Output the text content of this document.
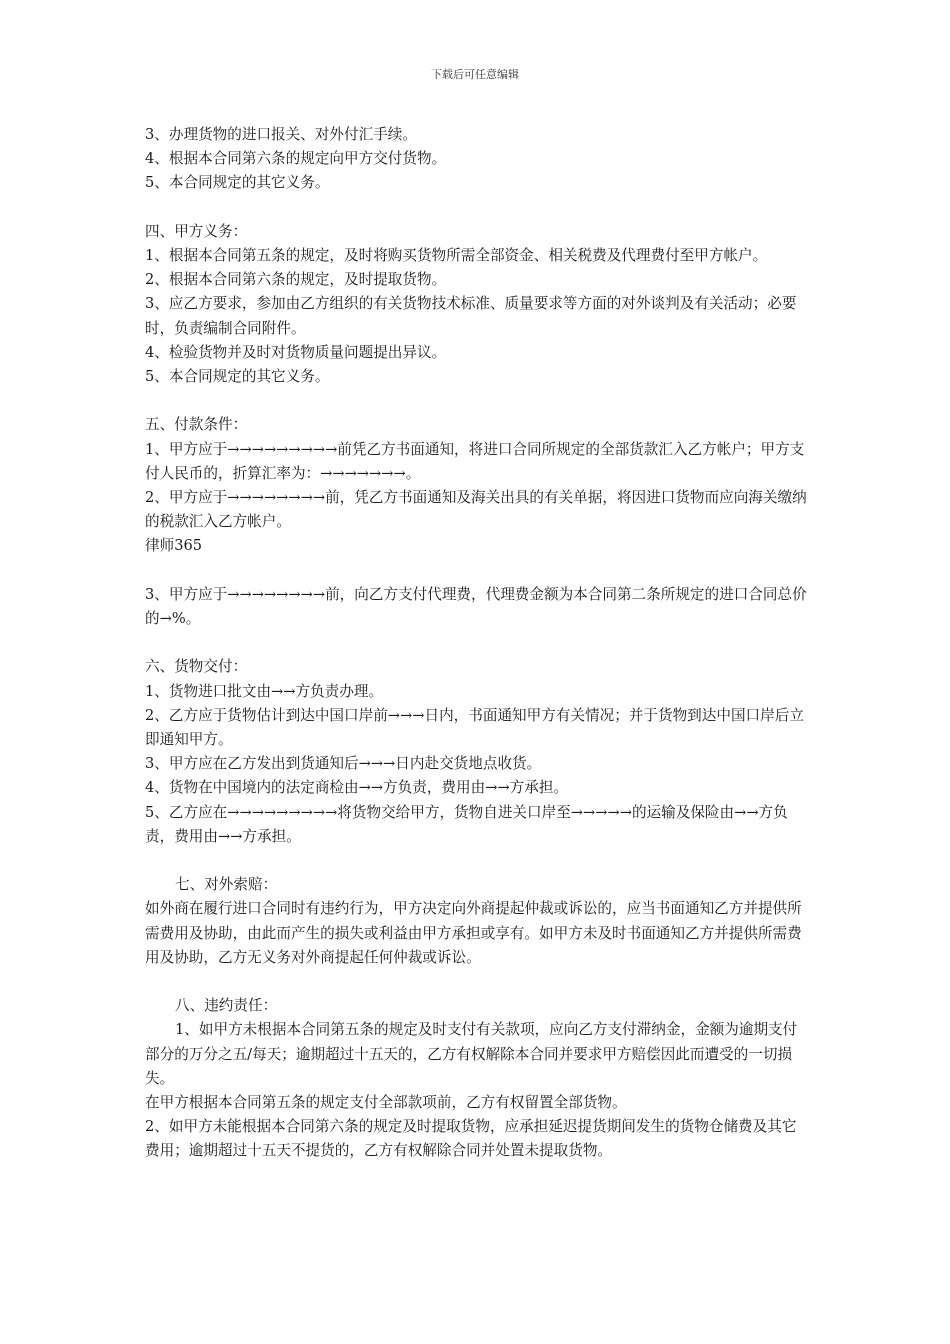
下载后可任意编辑

3、办理货物的进口报关、对外付汇手续。

4、根据本合同第六条的规定向甲方交付货物。

5、本合同规定的其它义务。

四、甲方义务：

1、根据本合同第五条的规定，及时将购买货物所需全部资金、相关税费及代理费付至甲方帐户。

2、根据本合同第六条的规定，及时提取货物。

3、应乙方要求，参加由乙方组织的有关货物技术标准、质量要求等方面的对外谈判及有关活动；必要时，负责编制合同附件。

4、检验货物并及时对货物质量问题提出异议。

5、本合同规定的其它义务。

五、付款条件：

1、甲方应于→→→→→→→→→前凭乙方书面通知，将进口合同所规定的全部货款汇入乙方帐户；甲方支付人民币的，折算汇率为：→→→→→→→。

2、甲方应于→→→→→→→→前，凭乙方书面通知及海关出具的有关单据，将因进口货物而应向海关缴纳的税款汇入乙方帐户。

律师365

3、甲方应于→→→→→→→→前，向乙方支付代理费，代理费金额为本合同第二条所规定的进口合同总价的→%。

六、货物交付：

1、货物进口批文由→→方负责办理。

2、乙方应于货物估计到达中国口岸前→→→日内，书面通知甲方有关情况；并于货物到达中国口岸后立即通知甲方。

3、甲方应在乙方发出到货通知后→→→日内赴交货地点收货。

4、货物在中国境内的法定商检由→→方负责，费用由→→方承担。

5、乙方应在→→→→→→→→→将货物交给甲方，货物自进关口岸至→→→→→的运输及保险由→→方负责，费用由→→方承担。

七、对外索赔：

如外商在履行进口合同时有违约行为，甲方决定向外商提起仲裁或诉讼的，应当书面通知乙方并提供所需费用及协助，由此而产生的损失或利益由甲方承担或享有。如甲方未及时书面通知乙方并提供所需费用及协助，乙方无义务对外商提起任何仲裁或诉讼。

八、违约责任：

1、如甲方未根据本合同第五条的规定及时支付有关款项，应向乙方支付滞纳金，金额为逾期支付部分的万分之五/每天；逾期超过十五天的，乙方有权解除本合同并要求甲方赔偿因此而遭受的一切损失。

在甲方根据本合同第五条的规定支付全部款项前，乙方有权留置全部货物。

2、如甲方未能根据本合同第六条的规定及时提取货物，应承担延迟提货期间发生的货物仓储费及其它费用；逾期超过十五天不提货的，乙方有权解除合同并处置未提取货物。
